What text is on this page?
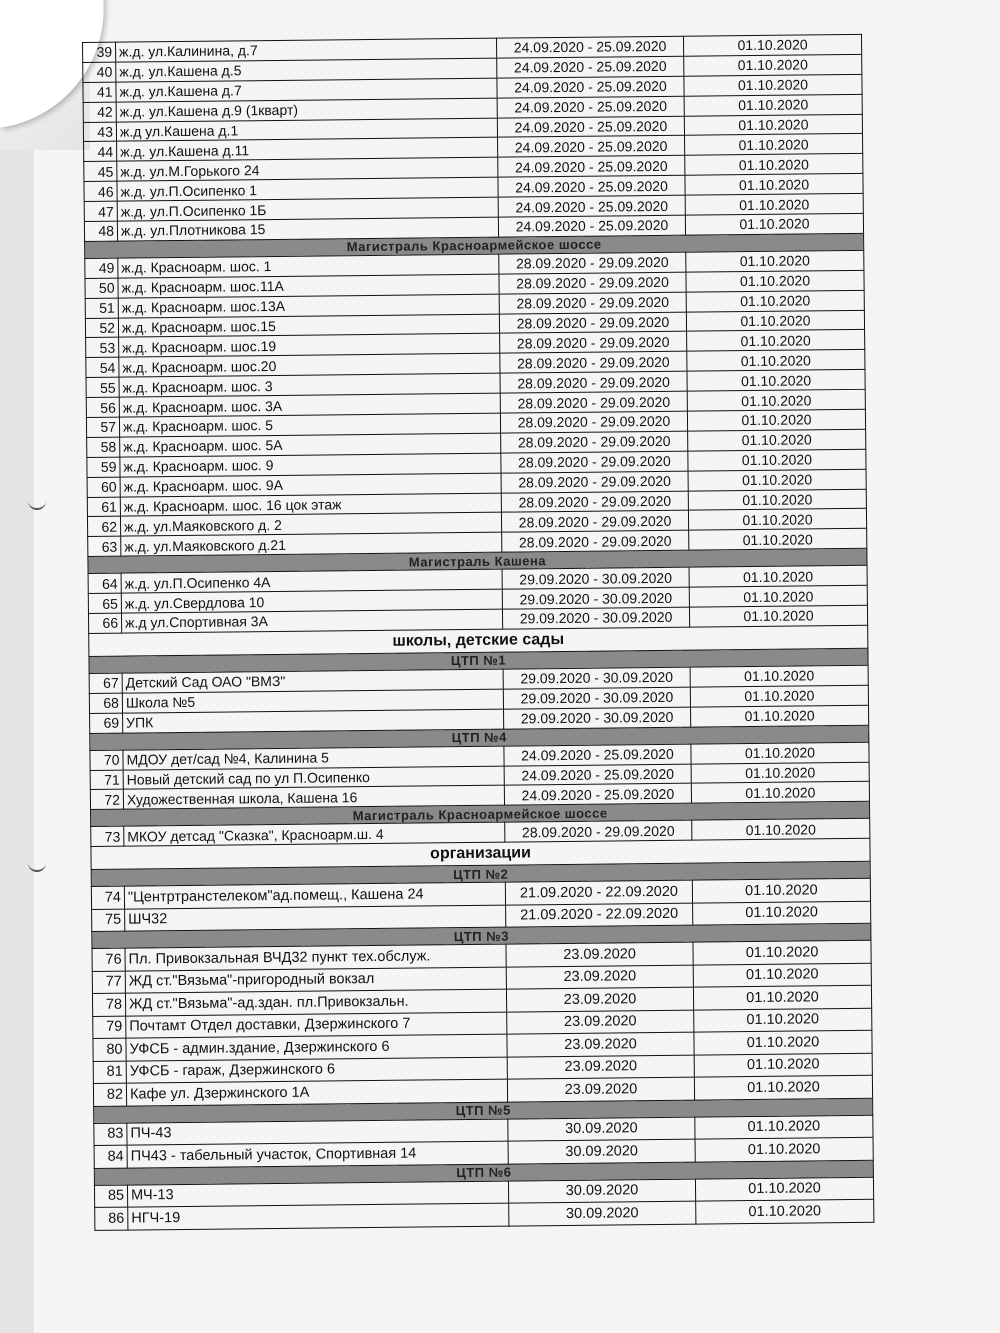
39	ж.д. ул.Калинина, д.7	24.09.2020 - 25.09.2020	01.10.2020
40	ж.д. ул.Кашена д.5	24.09.2020 - 25.09.2020	01.10.2020
41	ж.д. ул.Кашена д.7	24.09.2020 - 25.09.2020	01.10.2020
42	ж.д. ул.Кашена д.9 (1кварт)	24.09.2020 - 25.09.2020	01.10.2020
43	ж.д ул.Кашена д.1	24.09.2020 - 25.09.2020	01.10.2020
44	ж.д. ул.Кашена д.11	24.09.2020 - 25.09.2020	01.10.2020
45	ж.д. ул.М.Горького 24	24.09.2020 - 25.09.2020	01.10.2020
46	ж.д. ул.П.Осипенко 1	24.09.2020 - 25.09.2020	01.10.2020
47	ж.д. ул.П.Осипенко 1Б	24.09.2020 - 25.09.2020	01.10.2020
48	ж.д. ул.Плотникова 15	24.09.2020 - 25.09.2020	01.10.2020
Магистраль Красноармейское шоссе			
49	ж.д. Красноарм. шос. 1	28.09.2020 - 29.09.2020	01.10.2020
50	ж.д. Красноарм. шос.11А	28.09.2020 - 29.09.2020	01.10.2020
51	ж.д. Красноарм. шос.13А	28.09.2020 - 29.09.2020	01.10.2020
52	ж.д. Красноарм. шос.15	28.09.2020 - 29.09.2020	01.10.2020
53	ж.д. Красноарм. шос.19	28.09.2020 - 29.09.2020	01.10.2020
54	ж.д. Красноарм. шос.20	28.09.2020 - 29.09.2020	01.10.2020
55	ж.д. Красноарм. шос. 3	28.09.2020 - 29.09.2020	01.10.2020
56	ж.д. Красноарм. шос. 3А	28.09.2020 - 29.09.2020	01.10.2020
57	ж.д. Красноарм. шос. 5	28.09.2020 - 29.09.2020	01.10.2020
58	ж.д. Красноарм. шос. 5А	28.09.2020 - 29.09.2020	01.10.2020
59	ж.д. Красноарм. шос. 9	28.09.2020 - 29.09.2020	01.10.2020
60	ж.д. Красноарм. шос. 9А	28.09.2020 - 29.09.2020	01.10.2020
61	ж.д. Красноарм. шос. 16 цок этаж	28.09.2020 - 29.09.2020	01.10.2020
62	ж.д. ул.Маяковского д. 2	28.09.2020 - 29.09.2020	01.10.2020
63	ж.д. ул.Маяковского д.21	28.09.2020 - 29.09.2020	01.10.2020
Магистраль Кашена			
64	ж.д. ул.П.Осипенко 4А	29.09.2020 - 30.09.2020	01.10.2020
65	ж.д. ул.Свердлова 10	29.09.2020 - 30.09.2020	01.10.2020
66	ж.д ул.Спортивная 3А	29.09.2020 - 30.09.2020	01.10.2020
школы, детские сады			
ЦТП №1			
67	Детский Сад ОАО "ВМЗ"	29.09.2020 - 30.09.2020	01.10.2020
68	Школа №5	29.09.2020 - 30.09.2020	01.10.2020
69	УПК	29.09.2020 - 30.09.2020	01.10.2020
ЦТП №4			
70	МДОУ дет/сад №4, Калинина 5	24.09.2020 - 25.09.2020	01.10.2020
71	Новый детский сад по ул П.Осипенко	24.09.2020 - 25.09.2020	01.10.2020
72	Художественная школа, Кашена 16	24.09.2020 - 25.09.2020	01.10.2020
Магистраль Красноармейское шоссе			
73	МКОУ детсад "Сказка", Красноарм.ш. 4	28.09.2020 - 29.09.2020	01.10.2020
организации			
ЦТП №2			
74	"Центртранстелеком"ад.помещ., Кашена 24	21.09.2020 - 22.09.2020	01.10.2020
75	ШЧ32	21.09.2020 - 22.09.2020	01.10.2020
ЦТП №3			
76	Пл. Привокзальная ВЧД32 пункт тех.обслуж.	23.09.2020	01.10.2020
77	ЖД ст."Вязьма"-пригородный вокзал	23.09.2020	01.10.2020
78	ЖД ст."Вязьма"-ад.здан. пл.Привокзальн.	23.09.2020	01.10.2020
79	Почтамт Отдел доставки, Дзержинского 7	23.09.2020	01.10.2020
80	УФСБ - админ.здание, Дзержинского 6	23.09.2020	01.10.2020
81	УФСБ - гараж, Дзержинского 6	23.09.2020	01.10.2020
82	Кафе ул. Дзержинского 1А	23.09.2020	01.10.2020
ЦТП №5			
83	ПЧ-43	30.09.2020	01.10.2020
84	ПЧ43 - табельный участок, Спортивная 14	30.09.2020	01.10.2020
ЦТП №6			
85	МЧ-13	30.09.2020	01.10.2020
86	НГЧ-19	30.09.2020	01.10.2020
